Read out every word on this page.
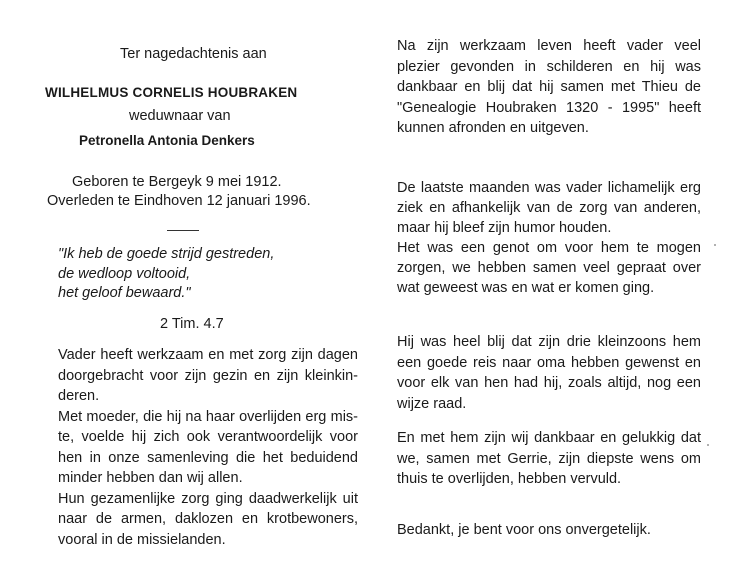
Ter nagedachtenis aan
WILHELMUS CORNELIS HOUBRAKEN
weduwnaar van
Petronella Antonia Denkers
Geboren te Bergeyk 9 mei 1912.
Overleden te Eindhoven 12 januari 1996.
"Ik heb de goede strijd gestreden,
de wedloop voltooid,
het geloof bewaard."
2 Tim. 4.7
Vader heeft werkzaam en met zorg zijn dagen
doorgebracht voor zijn gezin en zijn kleinkin-
deren.
Met moeder, die hij na haar overlijden erg mis-
te, voelde hij zich ook verantwoordelijk voor
hen in onze samenleving die het beduidend
minder hebben dan wij allen.
Hun gezamenlijke zorg ging daadwerkelijk uit
naar de armen, daklozen en krotbewoners,
vooral in de missielanden.
Na zijn werkzaam leven heeft vader veel
plezier gevonden in schilderen en hij was
dankbaar en blij dat hij samen met Thieu de
"Genealogie Houbraken 1320 - 1995" heeft
kunnen afronden en uitgeven.
De laatste maanden was vader lichamelijk erg
ziek en afhankelijk van de zorg van anderen,
maar hij bleef zijn humor houden.
Het was een genot om voor hem te mogen
zorgen, we hebben samen veel gepraat over
wat geweest was en wat er komen ging.
Hij was heel blij dat zijn drie kleinzoons hem
een goede reis naar oma hebben gewenst en
voor elk van hen had hij, zoals altijd, nog een
wijze raad.
En met hem zijn wij dankbaar en gelukkig dat
we, samen met Gerrie, zijn diepste wens om
thuis te overlijden, hebben vervuld.
Bedankt, je bent voor ons onvergetelijk.
